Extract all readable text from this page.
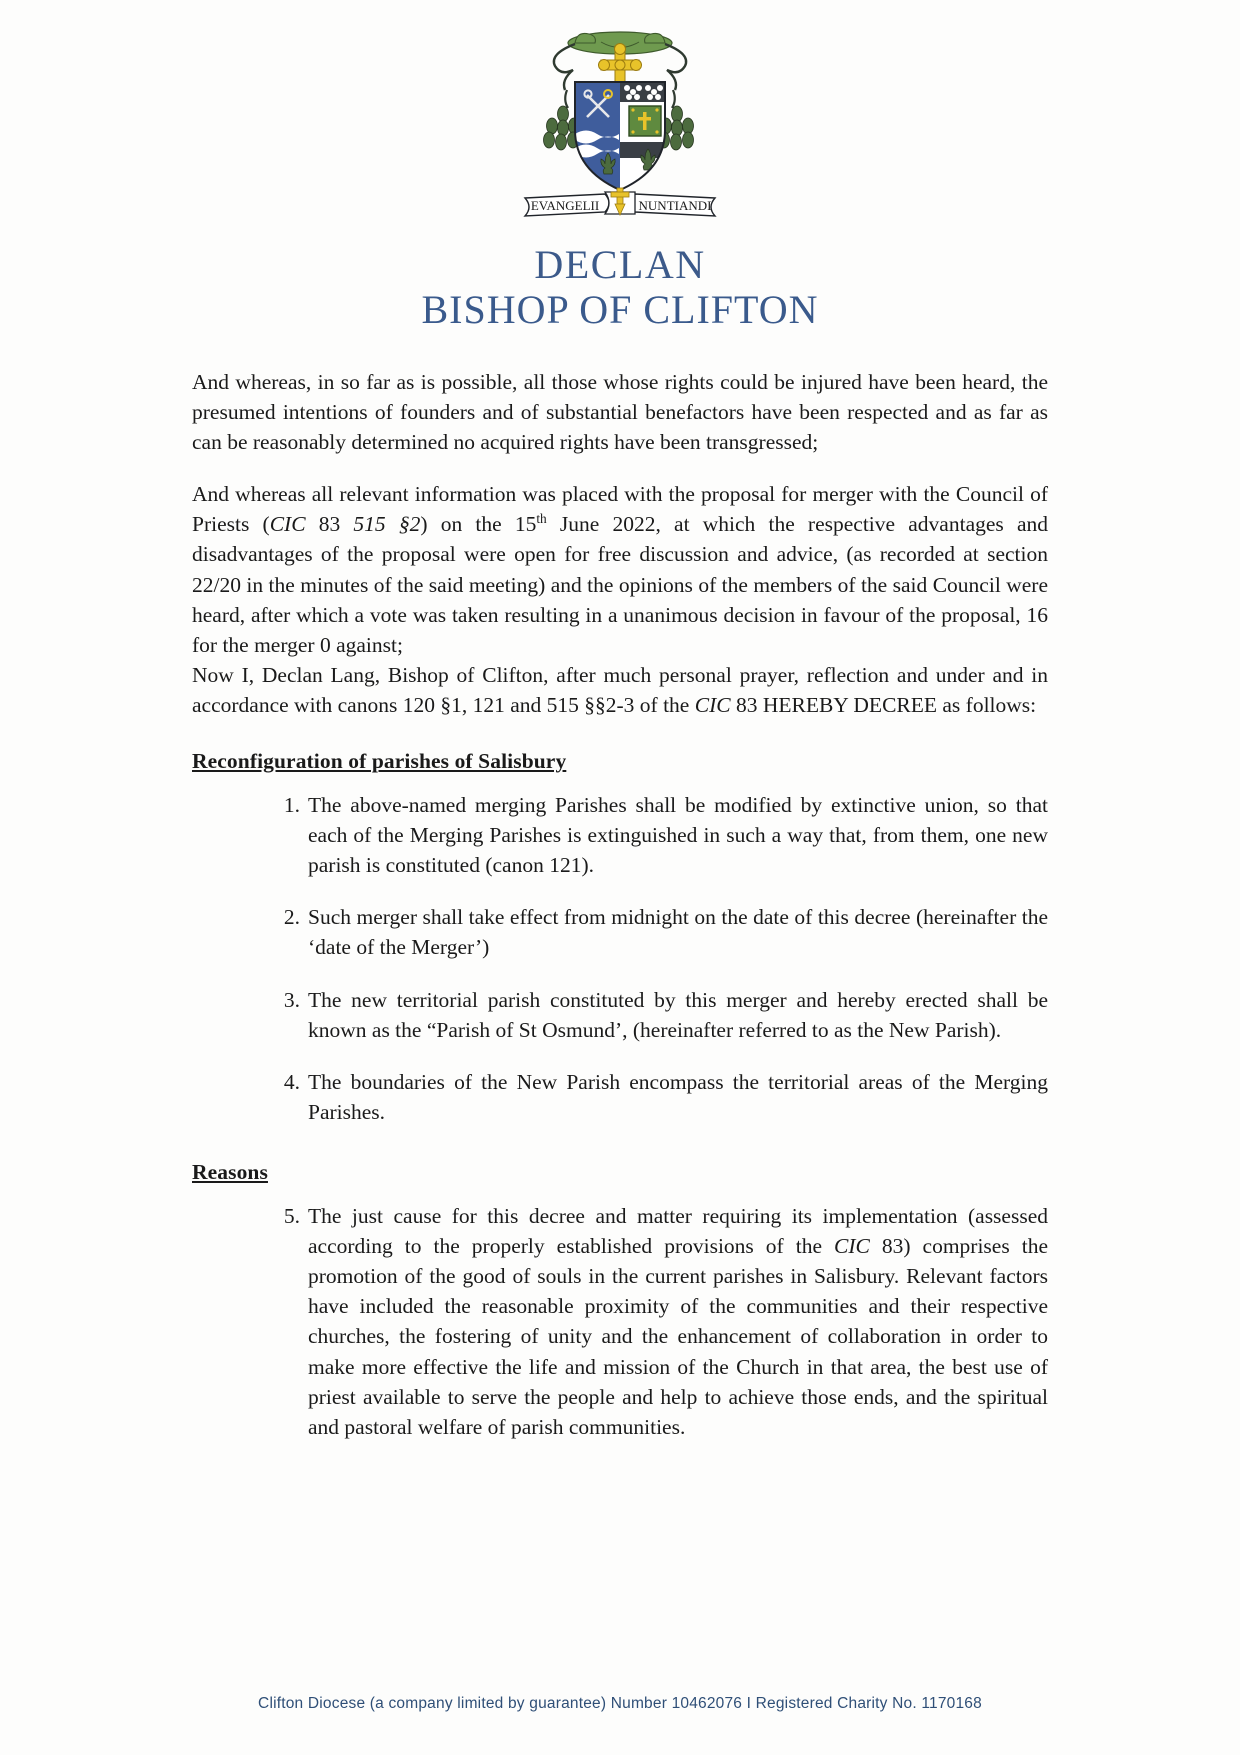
EVANGELII	NUNTIANDI
DECLAN
BISHOP OF CLIFTON

And whereas, in so far as is possible, all those whose rights could be injured have been heard, the presumed intentions of founders and of substantial benefactors have been respected and as far as can be reasonably determined no acquired rights have been transgressed;

And whereas all relevant information was placed with the proposal for merger with the Council of Priests (CIC 83 515 §2) on the 15th June 2022, at which the respective advantages and disadvantages of the proposal were open for free discussion and advice, (as recorded at section 22/20 in the minutes of the said meeting) and the opinions of the members of the said Council were heard, after which a vote was taken resulting in a unanimous decision in favour of the proposal, 16 for the merger 0 against;

Now I, Declan Lang, Bishop of Clifton, after much personal prayer, reflection and under and in accordance with canons 120 §1, 121 and 515 §§2-3 of the CIC 83 HEREBY DECREE as follows:

Reconfiguration of parishes of Salisbury
1. The above-named merging Parishes shall be modified by extinctive union, so that each of the Merging Parishes is extinguished in such a way that, from them, one new parish is constituted (canon 121).
2. Such merger shall take effect from midnight on the date of this decree (hereinafter the ‘date of the Merger’)
3. The new territorial parish constituted by this merger and hereby erected shall be known as the “Parish of St Osmund’, (hereinafter referred to as the New Parish).
4. The boundaries of the New Parish encompass the territorial areas of the Merging Parishes.
Reasons
5. The just cause for this decree and matter requiring its implementation (assessed according to the properly established provisions of the CIC 83) comprises the promotion of the good of souls in the current parishes in Salisbury. Relevant factors have included the reasonable proximity of the communities and their respective churches, the fostering of unity and the enhancement of collaboration in order to make more effective the life and mission of the Church in that area, the best use of priest available to serve the people and help to achieve those ends, and the spiritual and pastoral welfare of parish communities.
Clifton Diocese (a company limited by guarantee) Number 10462076 I Registered Charity No. 1170168
